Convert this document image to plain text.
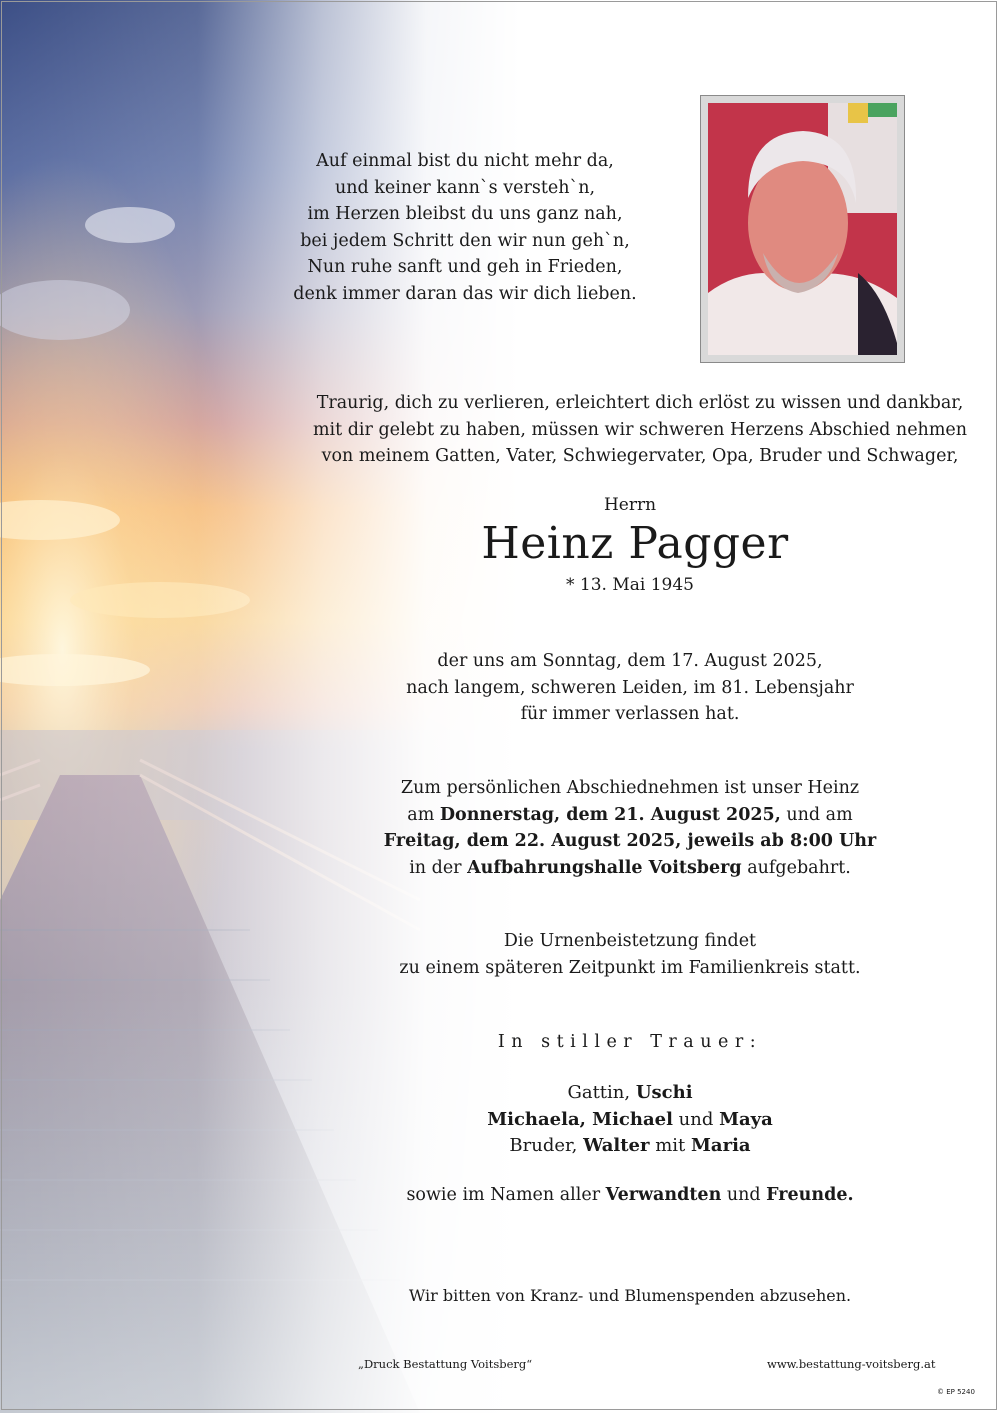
Auf einmal bist du nicht mehr da,
und keiner kann`s versteh`n,
im Herzen bleibst du uns ganz nah,
bei jedem Schritt den wir nun geh`n,
Nun ruhe sanft und geh in Frieden,
denk immer daran das wir dich lieben.
Traurig, dich zu verlieren, erleichtert dich erlöst zu wissen und dankbar,
mit dir gelebt zu haben, müssen wir schweren Herzens Abschied nehmen
von meinem Gatten, Vater, Schwiegervater, Opa, Bruder und Schwager,
Herrn
Heinz Pagger
* 13. Mai 1945
der uns am Sonntag, dem 17. August 2025,
nach langem, schweren Leiden, im 81. Lebensjahr
für immer verlassen hat.
Zum persönlichen Abschiednehmen ist unser Heinz
am Donnerstag, dem 21. August 2025, und am
Freitag, dem 22. August 2025, jeweils ab 8:00 Uhr
in der Aufbahrungshalle Voitsberg aufgebahrt.
Die Urnenbeistetzung findet
zu einem späteren Zeitpunkt im Familienkreis statt.
In stiller Trauer:
Gattin, Uschi
Michaela, Michael und Maya
Bruder, Walter mit Maria
sowie im Namen aller Verwandten und Freunde.
Wir bitten von Kranz- und Blumenspenden abzusehen.
„Druck Bestattung Voitsberg“	www.bestattung-voitsberg.at
© EP 5240
